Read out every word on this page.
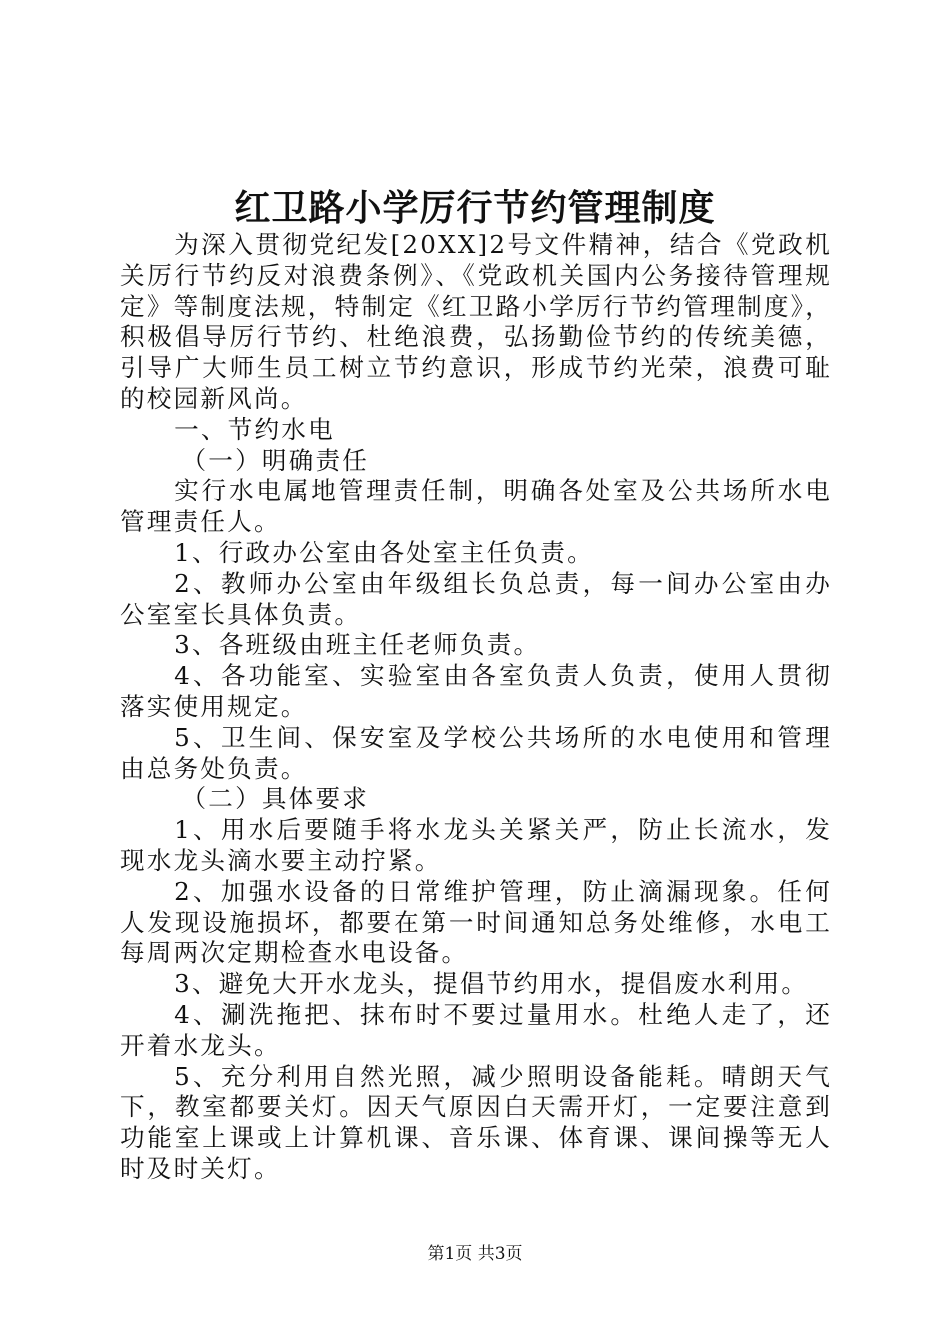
红卫路小学厉行节约管理制度

为深入贯彻党纪发[20XX]2号文件精神，结合《党政机关厉行节约反对浪费条例》、《党政机关国内公务接待管理规定》等制度法规，特制定《红卫路小学厉行节约管理制度》，积极倡导厉行节约、杜绝浪费，弘扬勤俭节约的传统美德，引导广大师生员工树立节约意识，形成节约光荣，浪费可耻的校园新风尚。

一、节约水电

（一）明确责任

实行水电属地管理责任制，明确各处室及公共场所水电管理责任人。

1、行政办公室由各处室主任负责。

2、教师办公室由年级组长负总责，每一间办公室由办公室室长具体负责。

3、各班级由班主任老师负责。

4、各功能室、实验室由各室负责人负责，使用人贯彻落实使用规定。

5、卫生间、保安室及学校公共场所的水电使用和管理由总务处负责。

（二）具体要求

1、用水后要随手将水龙头关紧关严，防止长流水，发现水龙头滴水要主动拧紧。

2、加强水设备的日常维护管理，防止滴漏现象。任何人发现设施损坏，都要在第一时间通知总务处维修，水电工每周两次定期检查水电设备。

3、避免大开水龙头，提倡节约用水，提倡废水利用。

4、涮洗拖把、抹布时不要过量用水。杜绝人走了，还开着水龙头。

5、充分利用自然光照，减少照明设备能耗。晴朗天气下，教室都要关灯。因天气原因白天需开灯，一定要注意到功能室上课或上计算机课、音乐课、体育课、课间操等无人时及时关灯。

第1页 共3页
